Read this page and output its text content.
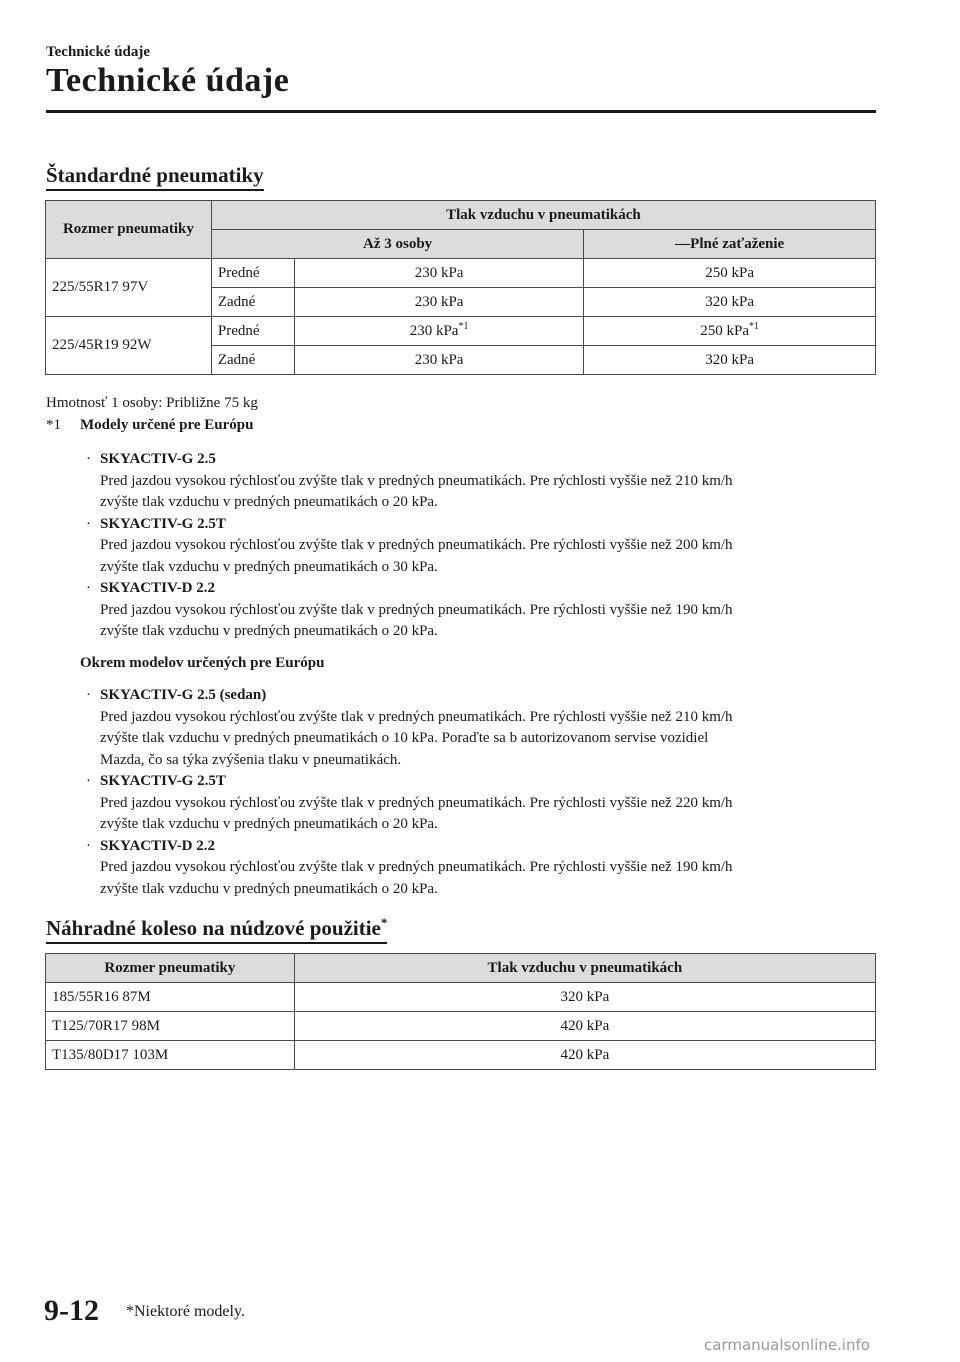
Technické údaje
Technické údaje
Štandardné pneumatiky
Rozmer pneumatiky	Tlak vzduchu v pneumatikách		
	Až 3 osoby		—Plné zaťaženie
225/55R17 97V	Predné	230 kPa	250 kPa
	Zadné	230 kPa	320 kPa
225/45R19 92W	Predné	230 kPa$^{*1}$	250 kPa$^{*1}$
	Zadné	230 kPa	320 kPa
Hmotnosť 1 osoby: Približne 75 kg
*1 Modely určené pre Európu
· SKYACTIV-G 2.5
Pred jazdou vysokou rýchlosťou zvýšte tlak v predných pneumatikách. Pre rýchlosti vyššie než 210 km/h
zvýšte tlak vzduchu v predných pneumatikách o 20 kPa.
· SKYACTIV-G 2.5T
Pred jazdou vysokou rýchlosťou zvýšte tlak v predných pneumatikách. Pre rýchlosti vyššie než 200 km/h
zvýšte tlak vzduchu v predných pneumatikách o 30 kPa.
· SKYACTIV-D 2.2
Pred jazdou vysokou rýchlosťou zvýšte tlak v predných pneumatikách. Pre rýchlosti vyššie než 190 km/h
zvýšte tlak vzduchu v predných pneumatikách o 20 kPa.
Okrem modelov určených pre Európu
· SKYACTIV-G 2.5 (sedan)
Pred jazdou vysokou rýchlosťou zvýšte tlak v predných pneumatikách. Pre rýchlosti vyššie než 210 km/h
zvýšte tlak vzduchu v predných pneumatikách o 10 kPa. Poraďte sa b autorizovanom servise vozidiel
Mazda, čo sa týka zvýšenia tlaku v pneumatikách.
· SKYACTIV-G 2.5T
Pred jazdou vysokou rýchlosťou zvýšte tlak v predných pneumatikách. Pre rýchlosti vyššie než 220 km/h
zvýšte tlak vzduchu v predných pneumatikách o 20 kPa.
· SKYACTIV-D 2.2
Pred jazdou vysokou rýchlosťou zvýšte tlak v predných pneumatikách. Pre rýchlosti vyššie než 190 km/h
zvýšte tlak vzduchu v predných pneumatikách o 20 kPa.
Náhradné koleso na núdzové použitie*
Rozmer pneumatiky	Tlak vzduchu v pneumatikách
185/55R16 87M	320 kPa
T125/70R17 98M	420 kPa
T135/80D17 103M	420 kPa
9-12 *Niektoré modely.
carmanualsonline.info
